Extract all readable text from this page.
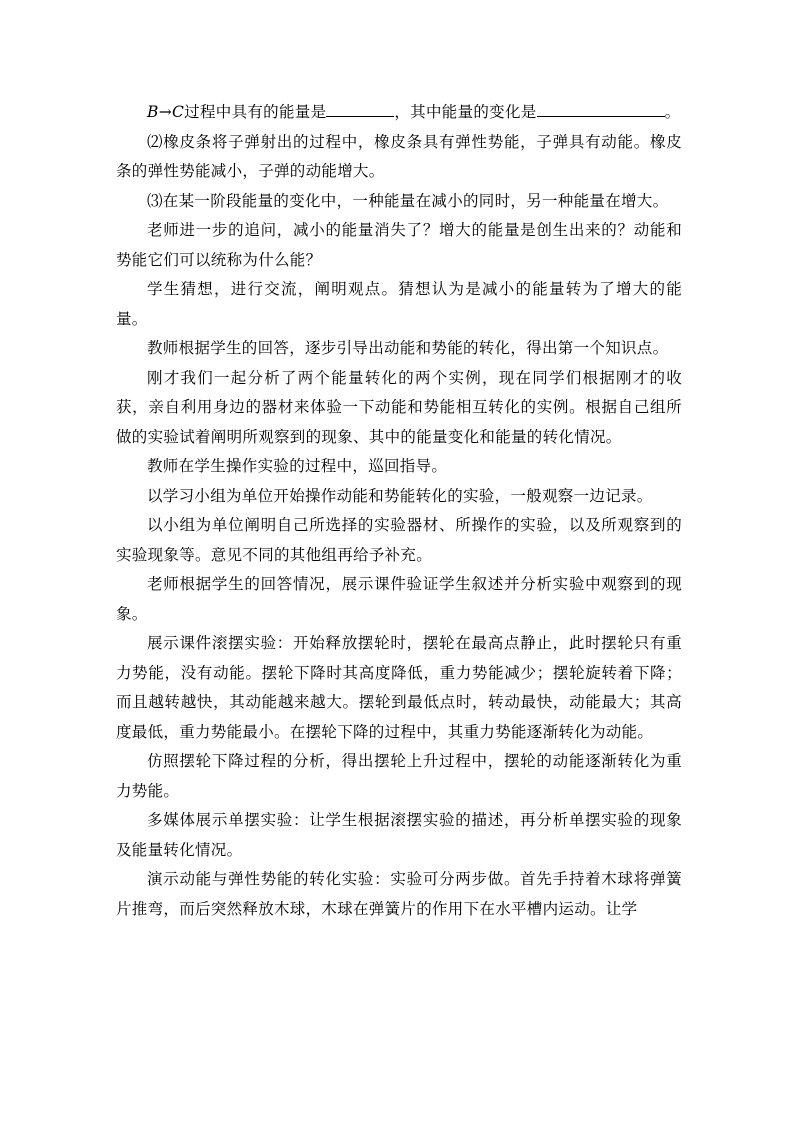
B→C过程中具有的能量是	，其中能量的变化是	。

⑵橡皮条将子弹射出的过程中，橡皮条具有弹性势能，子弹具有动能。橡皮条的弹性势能减小，子弹的动能增大。

⑶在某一阶段能量的变化中，一种能量在减小的同时，另一种能量在增大。

老师进一步的追问，减小的能量消失了？增大的能量是创生出来的？动能和势能它们可以统称为什么能？

学生猜想，进行交流，阐明观点。猜想认为是减小的能量转为了增大的能量。

教师根据学生的回答，逐步引导出动能和势能的转化，得出第一个知识点。

刚才我们一起分析了两个能量转化的两个实例，现在同学们根据刚才的收获，亲自利用身边的器材来体验一下动能和势能相互转化的实例。根据自己组所做的实验试着阐明所观察到的现象、其中的能量变化和能量的转化情况。

教师在学生操作实验的过程中，巡回指导。

以学习小组为单位开始操作动能和势能转化的实验，一般观察一边记录。

以小组为单位阐明自己所选择的实验器材、所操作的实验，以及所观察到的实验现象等。意见不同的其他组再给予补充。

老师根据学生的回答情况，展示课件验证学生叙述并分析实验中观察到的现象。

展示课件滚摆实验：开始释放摆轮时，摆轮在最高点静止，此时摆轮只有重力势能，没有动能。摆轮下降时其高度降低，重力势能减少；摆轮旋转着下降；而且越转越快，其动能越来越大。摆轮到最低点时，转动最快，动能最大；其高度最低，重力势能最小。在摆轮下降的过程中，其重力势能逐渐转化为动能。

仿照摆轮下降过程的分析，得出摆轮上升过程中，摆轮的动能逐渐转化为重力势能。

多媒体展示单摆实验：让学生根据滚摆实验的描述，再分析单摆实验的现象及能量转化情况。

演示动能与弹性势能的转化实验：实验可分两步做。首先手持着木球将弹簧片推弯，而后突然释放木球，木球在弹簧片的作用下在水平槽内运动。让学
